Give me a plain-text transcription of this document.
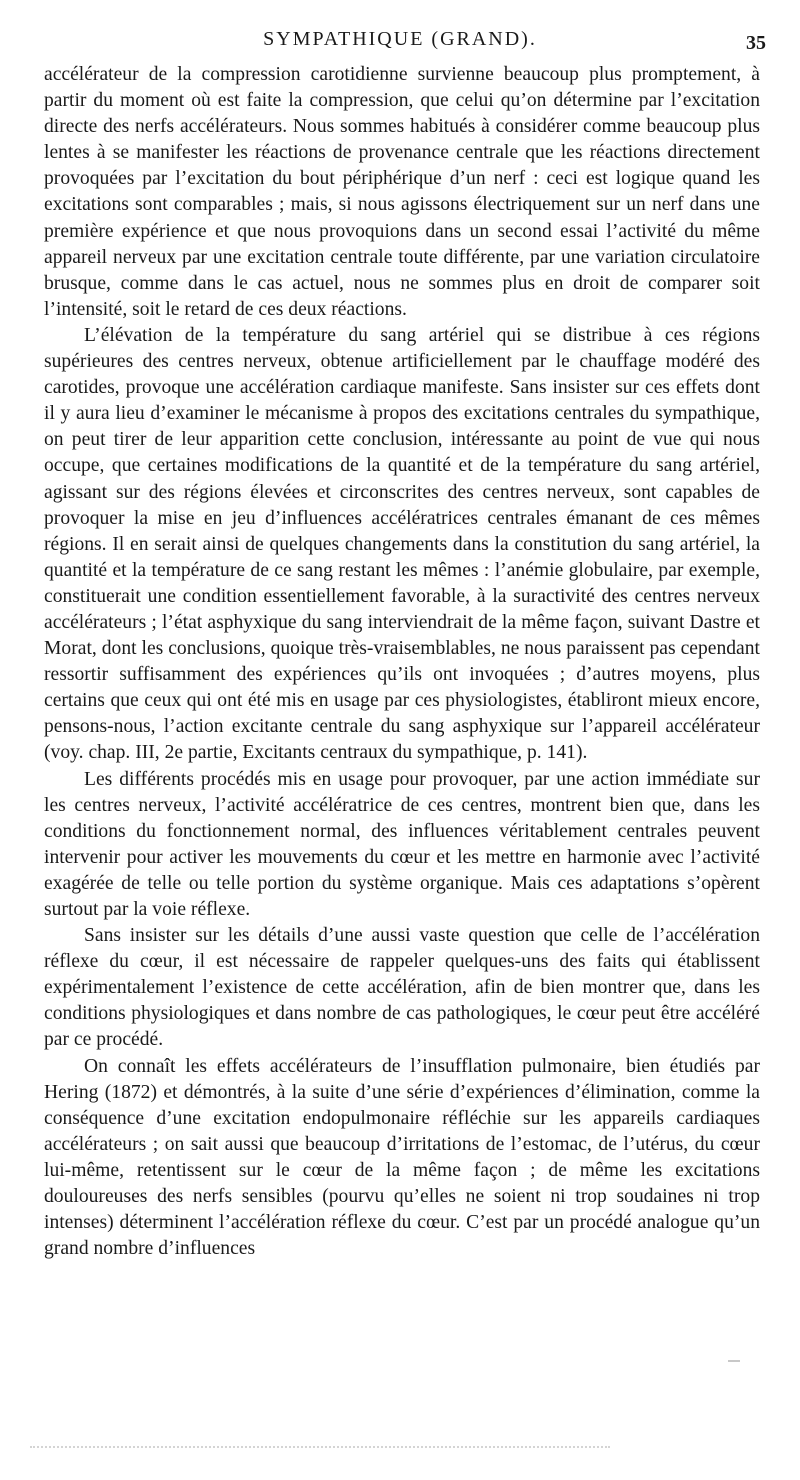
SYMPATHIQUE (GRAND).	35

accélérateur de la compression carotidienne survienne beaucoup plus promptement, à partir du moment où est faite la compression, que celui qu’on détermine par l’excitation directe des nerfs accélérateurs. Nous sommes habitués à considérer comme beaucoup plus lentes à se manifester les réactions de provenance centrale que les réactions directement provoquées par l’excitation du bout périphérique d’un nerf : ceci est logique quand les excitations sont comparables ; mais, si nous agissons électriquement sur un nerf dans une première expérience et que nous provoquions dans un second essai l’activité du même appareil nerveux par une excitation centrale toute différente, par une variation circulatoire brusque, comme dans le cas actuel, nous ne sommes plus en droit de comparer soit l’intensité, soit le retard de ces deux réactions.

L’élévation de la température du sang artériel qui se distribue à ces régions supérieures des centres nerveux, obtenue artificiellement par le chauffage modéré des carotides, provoque une accélération cardiaque manifeste. Sans insister sur ces effets dont il y aura lieu d’examiner le mécanisme à propos des excitations centrales du sympathique, on peut tirer de leur apparition cette conclusion, intéressante au point de vue qui nous occupe, que certaines modifications de la quantité et de la température du sang artériel, agissant sur des régions élevées et circonscrites des centres nerveux, sont capables de provoquer la mise en jeu d’influences accélératrices centrales émanant de ces mêmes régions. Il en serait ainsi de quelques changements dans la constitution du sang artériel, la quantité et la température de ce sang restant les mêmes : l’anémie globulaire, par exemple, constituerait une condition essentiellement favorable, à la suractivité des centres nerveux accélérateurs ; l’état asphyxique du sang interviendrait de la même façon, suivant Dastre et Morat, dont les conclusions, quoique très-vraisemblables, ne nous paraissent pas cependant ressortir suffisamment des expériences qu’ils ont invoquées ; d’autres moyens, plus certains que ceux qui ont été mis en usage par ces physiologistes, établiront mieux encore, pensons-nous, l’action excitante centrale du sang asphyxique sur l’appareil accélérateur (voy. chap. III, 2e partie, Excitants centraux du sympathique, p. 141).

Les différents procédés mis en usage pour provoquer, par une action immédiate sur les centres nerveux, l’activité accélératrice de ces centres, montrent bien que, dans les conditions du fonctionnement normal, des influences véritablement centrales peuvent intervenir pour activer les mouvements du cœur et les mettre en harmonie avec l’activité exagérée de telle ou telle portion du système organique. Mais ces adaptations s’opèrent surtout par la voie réflexe.

Sans insister sur les détails d’une aussi vaste question que celle de l’accélération réflexe du cœur, il est nécessaire de rappeler quelques-uns des faits qui établissent expérimentalement l’existence de cette accélération, afin de bien montrer que, dans les conditions physiologiques et dans nombre de cas pathologiques, le cœur peut être accéléré par ce procédé.

On connaît les effets accélérateurs de l’insufflation pulmonaire, bien étudiés par Hering (1872) et démontrés, à la suite d’une série d’expériences d’élimination, comme la conséquence d’une excitation endopulmonaire réfléchie sur les appareils cardiaques accélérateurs ; on sait aussi que beaucoup d’irritations de l’estomac, de l’utérus, du cœur lui-même, retentissent sur le cœur de la même façon ; de même les excitations douloureuses des nerfs sensibles (pourvu qu’elles ne soient ni trop soudaines ni trop intenses) déterminent l’accélération réflexe du cœur. C’est par un procédé analogue qu’un grand nombre d’influences
